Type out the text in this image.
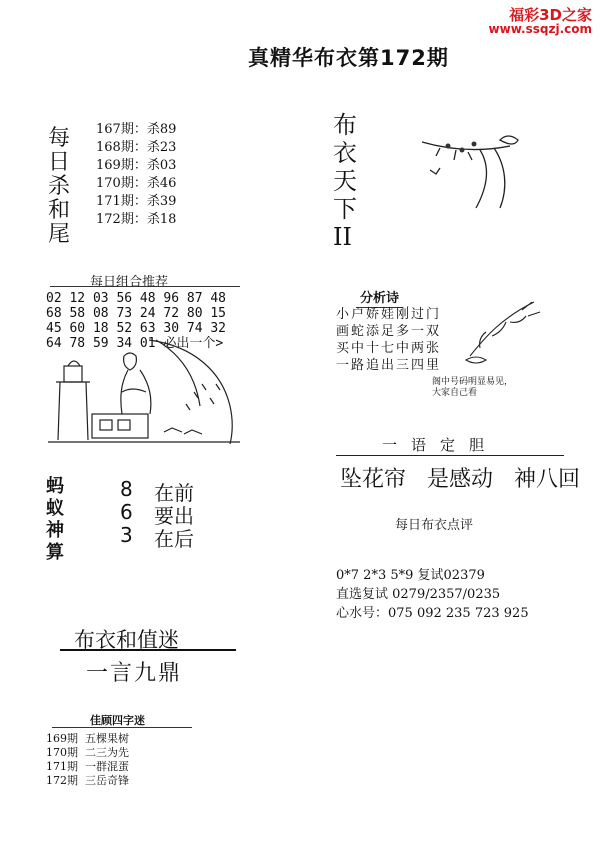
福彩3D之家
www.ssqzj.com
真精华布衣第172期
每
日
杀
和
尾
167期：杀89
168期：杀23
169期：杀03
170期：杀46
171期：杀39
172期：杀18
每日组合推荐
02 12 03 56 48 96 87 48
68 58 08 73 24 72 80 15
45 60 18 52 63 30 74 32
64 78 59 34 01 必出一个>
蚂
蚁
神
算
8 在前
6 要出
3 在后
布
衣
天
下
II
分析诗
小户娇娃刚过门
画蛇添足多一双
买中十七中两张
一路追出三四里
阁中号码明显易见，
大家自己看
一语定胆
坠花帘 是感动 神八回
每日布衣点评
0*7 2*3 5*9 复试02379
直选复试 0279/2357/0235
心水号：075 092 235 723 925
布衣和值迷
一言九鼎
佳顾四字迷
169期  五棵果树
170期  二三为先
171期  一群混蛋
172期  三岳奇锋
